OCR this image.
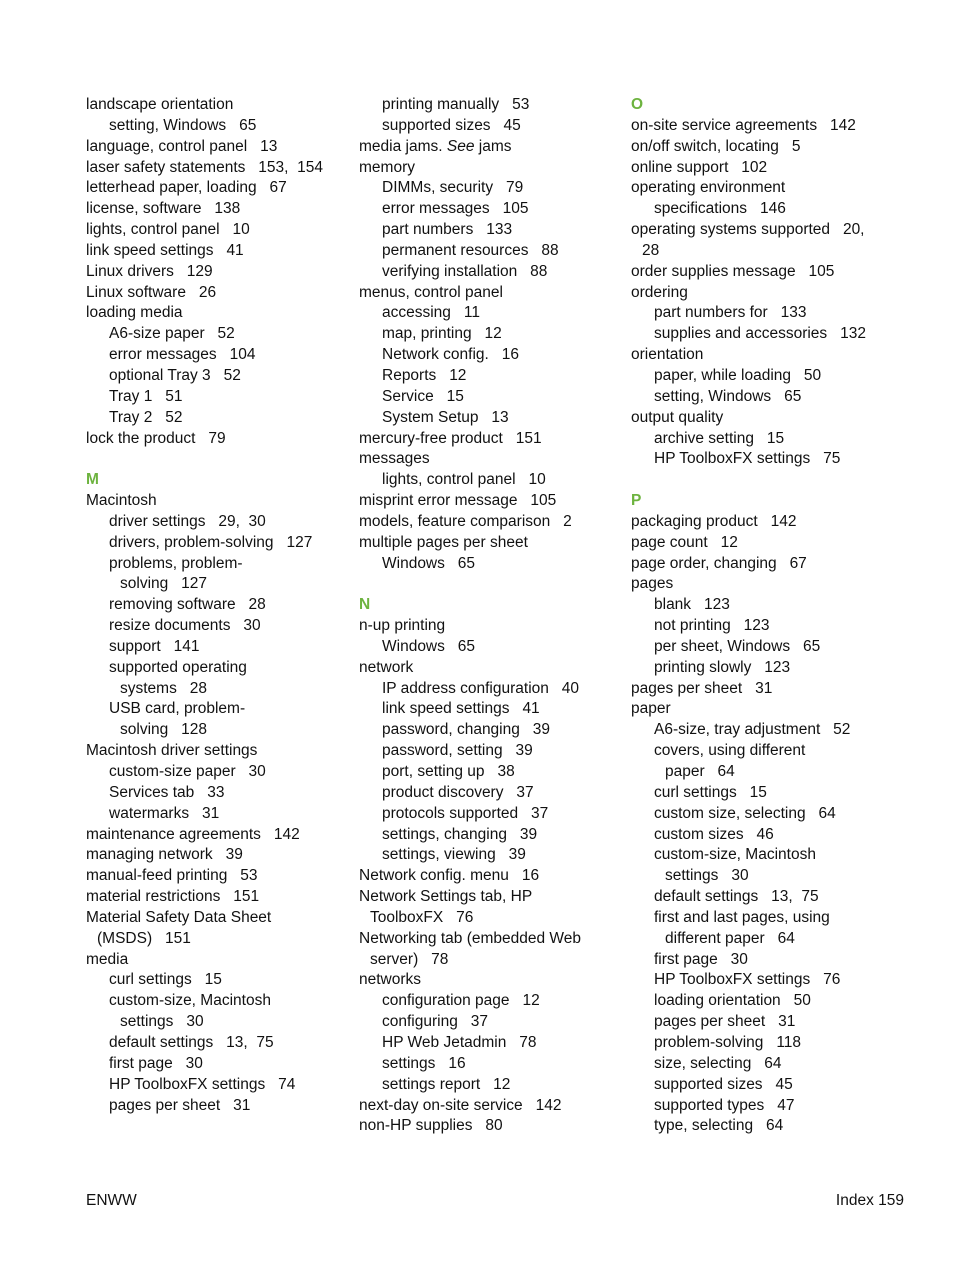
landscape orientation
setting, Windows   65
language, control panel   13
laser safety statements   153,  154
letterhead paper, loading   67
license, software   138
lights, control panel   10
link speed settings   41
Linux drivers   129
Linux software   26
loading media
A6-size paper   52
error messages   104
optional Tray 3   52
Tray 1   51
Tray 2   52
lock the product   79
M
Macintosh
driver settings   29,  30
drivers, problem-solving   127
problems, problem-
solving   127
removing software   28
resize documents   30
support   141
supported operating
systems   28
USB card, problem-
solving   128
Macintosh driver settings
custom-size paper   30
Services tab   33
watermarks   31
maintenance agreements   142
managing network   39
manual-feed printing   53
material restrictions   151
Material Safety Data Sheet
(MSDS)   151
media
curl settings   15
custom-size, Macintosh
settings   30
default settings   13,  75
first page   30
HP ToolboxFX settings   74
pages per sheet   31
printing manually   53
supported sizes   45
media jams. See jams
memory
DIMMs, security   79
error messages   105
part numbers   133
permanent resources   88
verifying installation   88
menus, control panel
accessing   11
map, printing   12
Network config.   16
Reports   12
Service   15
System Setup   13
mercury-free product   151
messages
lights, control panel   10
misprint error message   105
models, feature comparison   2
multiple pages per sheet
Windows   65
N
n-up printing
Windows   65
network
IP address configuration   40
link speed settings   41
password, changing   39
password, setting   39
port, setting up   38
product discovery   37
protocols supported   37
settings, changing   39
settings, viewing   39
Network config. menu   16
Network Settings tab, HP
ToolboxFX   76
Networking tab (embedded Web
server)   78
networks
configuration page   12
configuring   37
HP Web Jetadmin   78
settings   16
settings report   12
next-day on-site service   142
non-HP supplies   80
O
on-site service agreements   142
on/off switch, locating   5
online support   102
operating environment
specifications   146
operating systems supported   20,
28
order supplies message   105
ordering
part numbers for   133
supplies and accessories   132
orientation
paper, while loading   50
setting, Windows   65
output quality
archive setting   15
HP ToolboxFX settings   75
P
packaging product   142
page count   12
page order, changing   67
pages
blank   123
not printing   123
per sheet, Windows   65
printing slowly   123
pages per sheet   31
paper
A6-size, tray adjustment   52
covers, using different
paper   64
curl settings   15
custom size, selecting   64
custom sizes   46
custom-size, Macintosh
settings   30
default settings   13,  75
first and last pages, using
different paper   64
first page   30
HP ToolboxFX settings   76
loading orientation   50
pages per sheet   31
problem-solving   118
size, selecting   64
supported sizes   45
supported types   47
type, selecting   64
ENWW	Index 159
